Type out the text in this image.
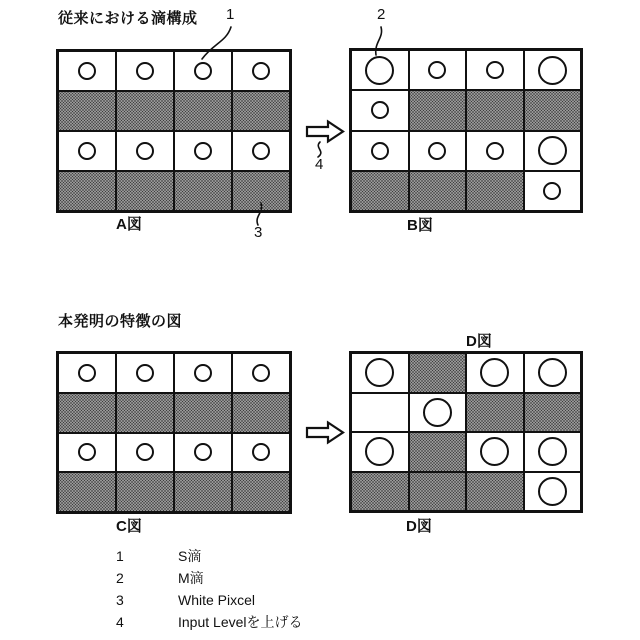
従来における滴構成
本発明の特徴の図
A図	B図
C図
D図
D図
1	2
3
4
1	S滴
2	M滴
3	White Pixcel
4	Input Levelを上げる
